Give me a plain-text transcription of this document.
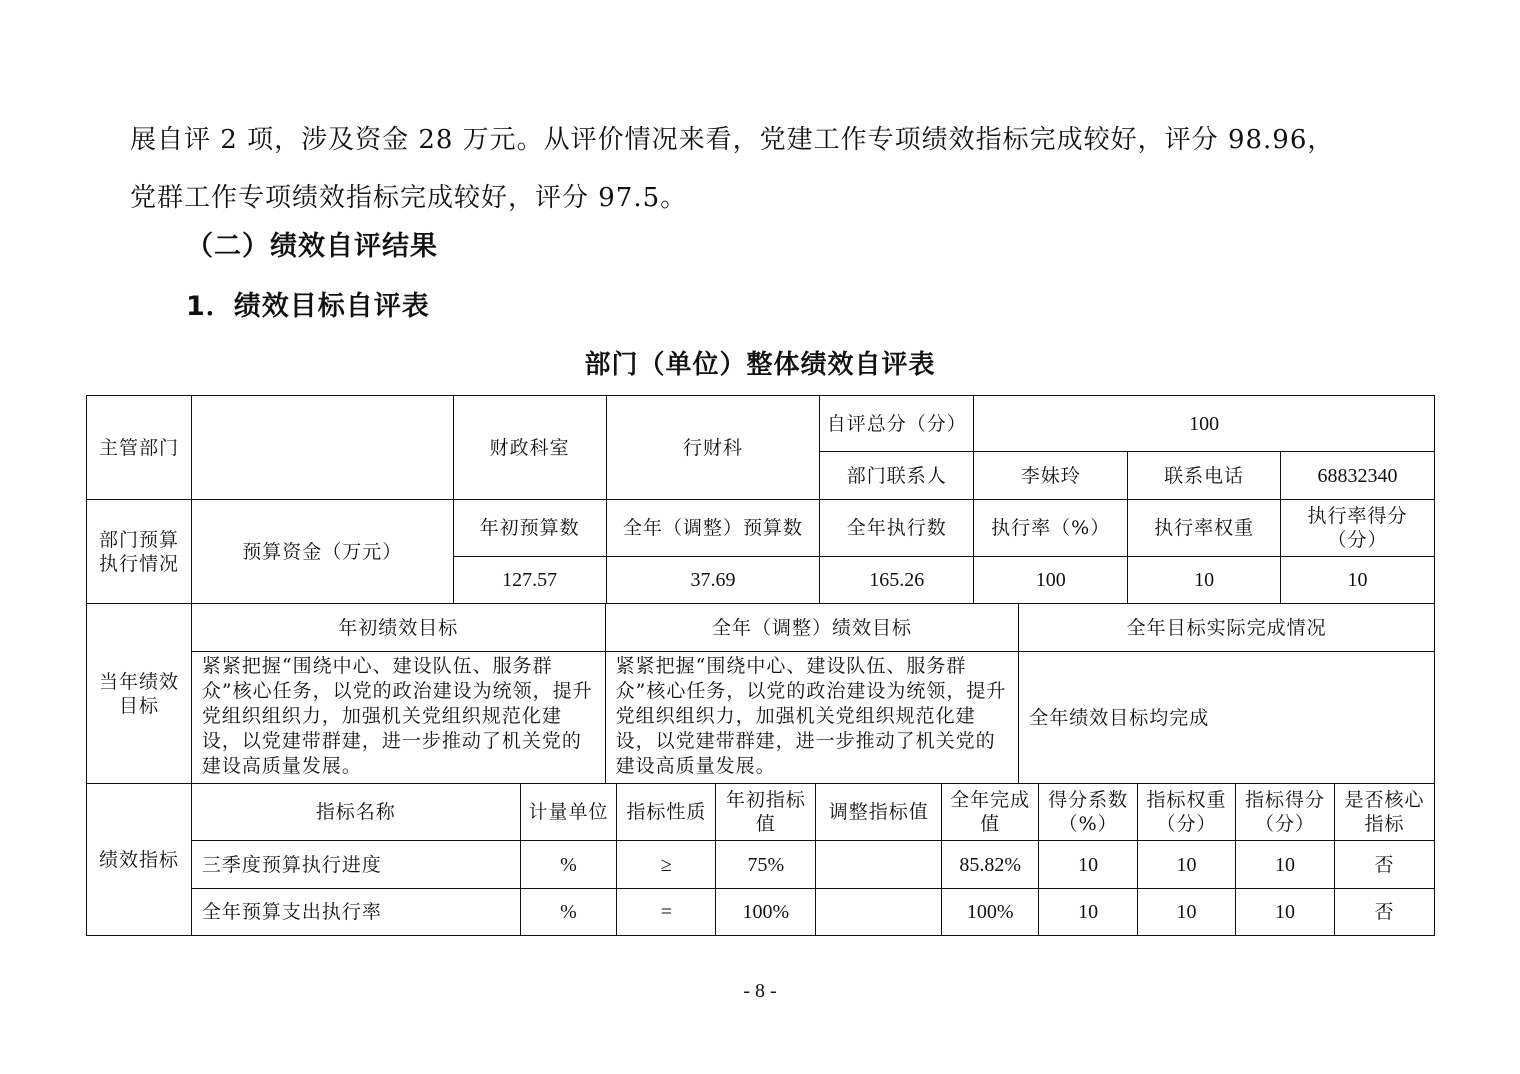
展自评 2 项，涉及资金 28 万元。从评价情况来看，党建工作专项绩效指标完成较好，评分 98.96，
党群工作专项绩效指标完成较好，评分 97.5。
（二）绩效自评结果
1．绩效目标自评表
部门（单位）整体绩效自评表
主管部门		财政科室	行财科	自评总分（分）	100		
				部门联系人	李妹玲	联系电话	68832340
部门预算执行情况	预算资金（万元）	年初预算数	全年（调整）预算数	全年执行数	执行率（%）	执行率权重	执行率得分（分）
		127.57	37.69	165.26	100	10	10
当年绩效目标	年初绩效目标	全年（调整）绩效目标	全年目标实际完成情况
	紧紧把握“围绕中心、建设队伍、服务群众”核心任务，以党的政治建设为统领，提升党组织组织力，加强机关党组织规范化建设，以党建带群建，进一步推动了机关党的建设高质量发展。	紧紧把握“围绕中心、建设队伍、服务群众”核心任务，以党的政治建设为统领，提升党组织组织力，加强机关党组织规范化建设，以党建带群建，进一步推动了机关党的建设高质量发展。	全年绩效目标均完成
绩效指标	指标名称	计量单位	指标性质	年初指标值	调整指标值	全年完成值	得分系数（%）	指标权重（分）	指标得分（分）	是否核心指标
	三季度预算执行进度	%	≥	75%		85.82%	10	10	10	否
	全年预算支出执行率	%	=	100%		100%	10	10	10	否
- 8 -
